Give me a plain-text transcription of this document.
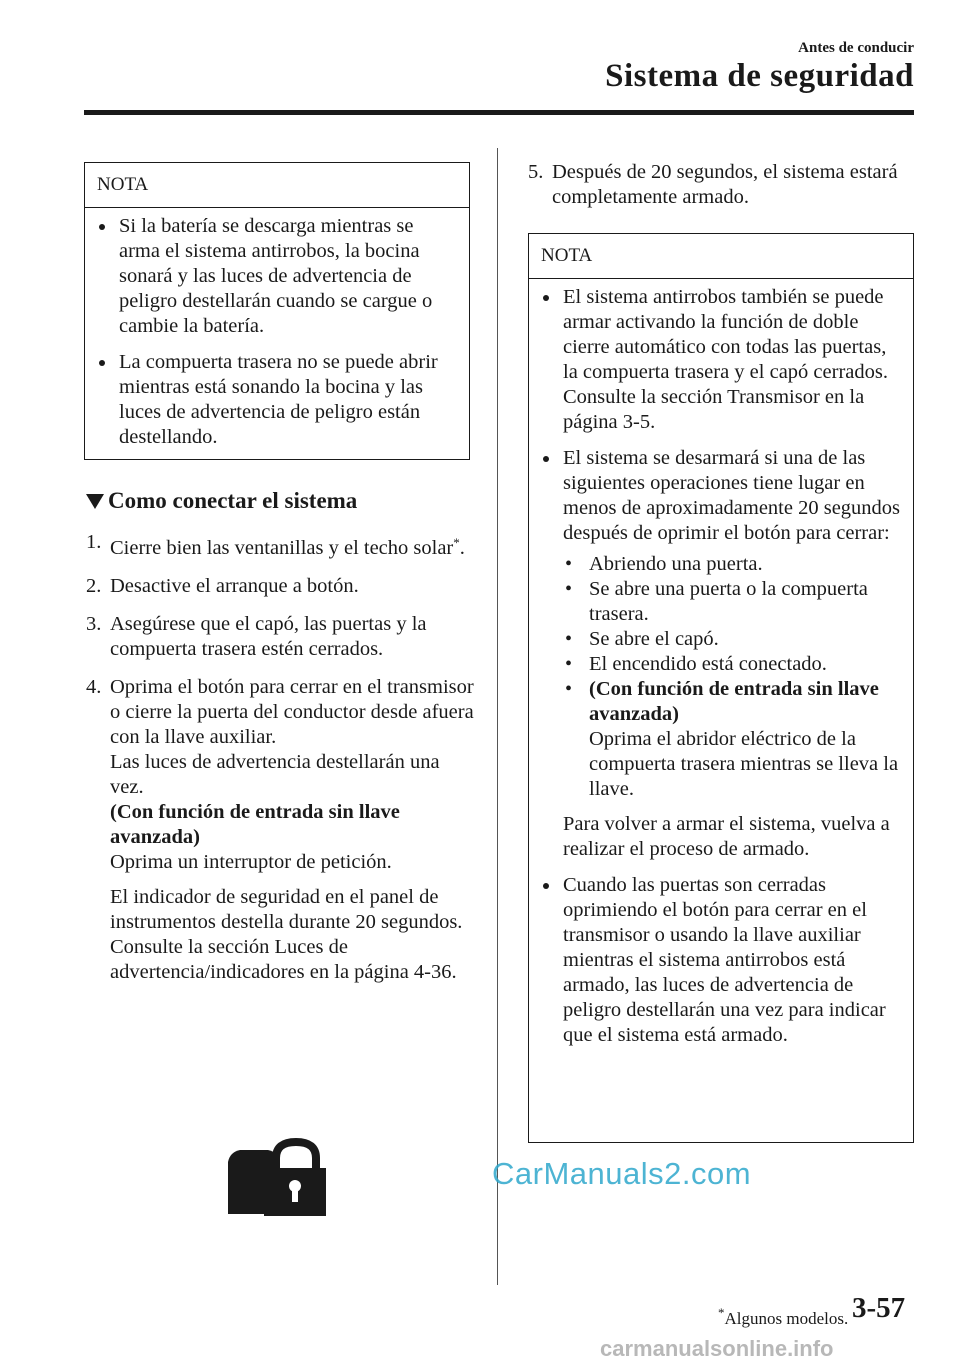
Antes de conducir
Sistema de seguridad
NOTA
Si la batería se descarga mientras se arma el sistema antirrobos, la bocina sonará y las luces de advertencia de peligro destellarán cuando se cargue o cambie la batería.
La compuerta trasera no se puede abrir mientras está sonando la bocina y las luces de advertencia de peligro están destellando.
Como conectar el sistema
1. Cierre bien las ventanillas y el techo solar*.
2. Desactive el arranque a botón.
3. Asegúrese que el capó, las puertas y la compuerta trasera estén cerrados.
4. Oprima el botón para cerrar en el transmisor o cierre la puerta del conductor desde afuera con la llave auxiliar.
Las luces de advertencia destellarán una vez.
(Con función de entrada sin llave avanzada)
Oprima un interruptor de petición.
El indicador de seguridad en el panel de instrumentos destella durante 20 segundos.
Consulte la sección Luces de advertencia/indicadores en la página 4-36.
CarManuals2.com
5. Después de 20 segundos, el sistema estará completamente armado.
NOTA
El sistema antirrobos también se puede armar activando la función de doble cierre automático con todas las puertas, la compuerta trasera y el capó cerrados.
Consulte la sección Transmisor en la página 3-5.
El sistema se desarmará si una de las siguientes operaciones tiene lugar en menos de aproximadamente 20 segundos después de oprimir el botón para cerrar:
• Abriendo una puerta.
• Se abre una puerta o la compuerta trasera.
• Se abre el capó.
• El encendido está conectado.
• (Con función de entrada sin llave avanzada)
Oprima el abridor eléctrico de la compuerta trasera mientras se lleva la llave.
Para volver a armar el sistema, vuelva a realizar el proceso de armado.
Cuando las puertas son cerradas oprimiendo el botón para cerrar en el transmisor o usando la llave auxiliar mientras el sistema antirrobos está armado, las luces de advertencia de peligro destellarán una vez para indicar que el sistema está armado.
*Algunos modelos. 3-57
carmanualsonline.info
